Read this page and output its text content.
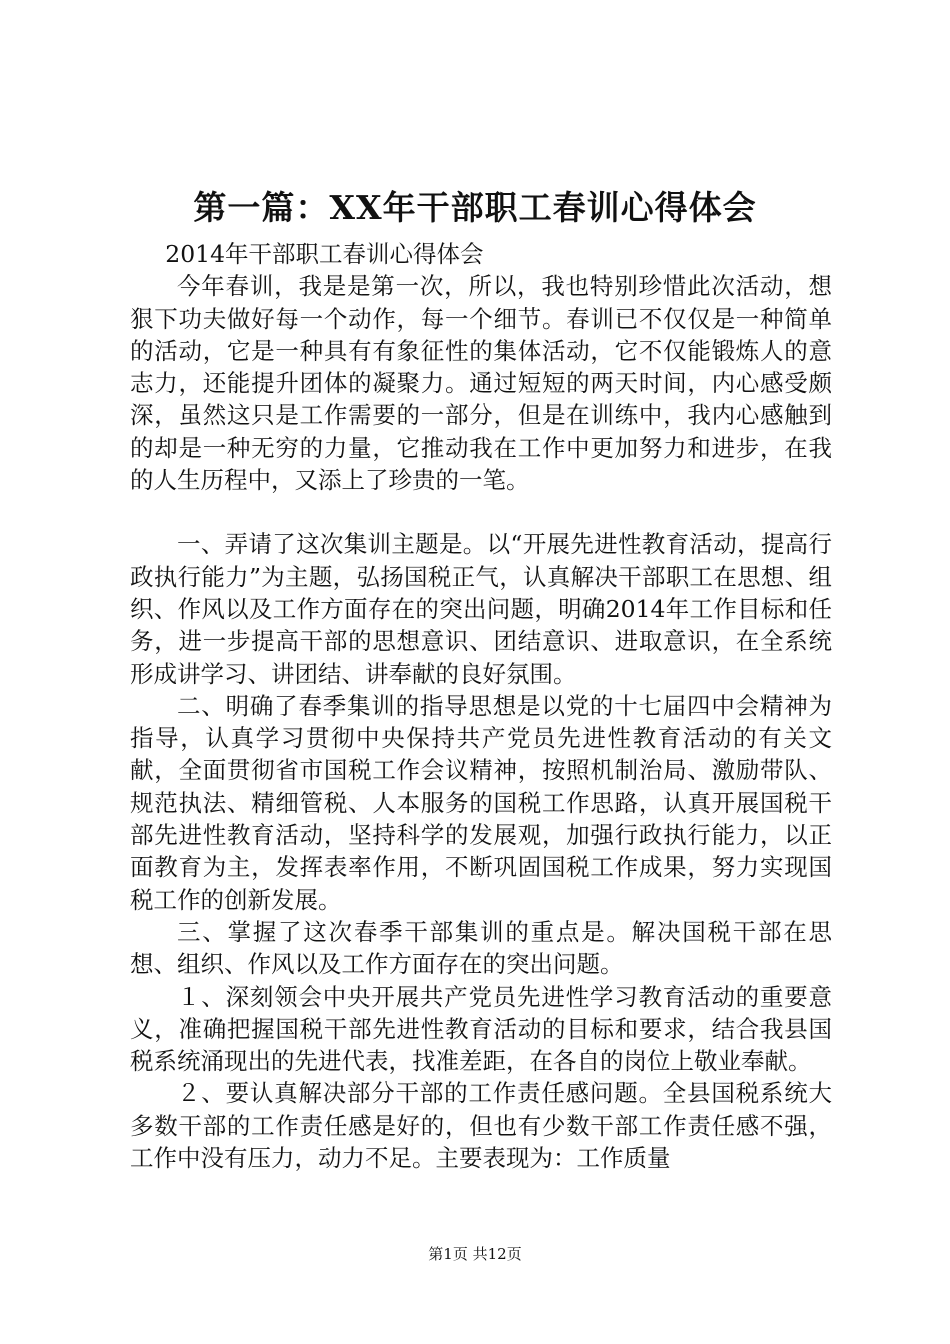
第一篇：XX年干部职工春训心得体会

2014年干部职工春训心得体会

今年春训，我是是第一次，所以，我也特别珍惜此次活动，想狠下功夫做好每一个动作，每一个细节。春训已不仅仅是一种简单的活动，它是一种具有有象征性的集体活动，它不仅能锻炼人的意志力，还能提升团体的凝聚力。通过短短的两天时间，内心感受颇深，虽然这只是工作需要的一部分，但是在训练中，我内心感触到的却是一种无穷的力量，它推动我在工作中更加努力和进步，在我的人生历程中，又添上了珍贵的一笔。

一、弄请了这次集训主题是。以“开展先进性教育活动，提高行政执行能力”为主题，弘扬国税正气，认真解决干部职工在思想、组织、作风以及工作方面存在的突出问题，明确2014年工作目标和任务，进一步提高干部的思想意识、团结意识、进取意识，在全系统形成讲学习、讲团结、讲奉献的良好氛围。

二、明确了春季集训的指导思想是以党的十七届四中会精神为指导，认真学习贯彻中央保持共产党员先进性教育活动的有关文献，全面贯彻省市国税工作会议精神，按照机制治局、激励带队、规范执法、精细管税、人本服务的国税工作思路，认真开展国税干部先进性教育活动，坚持科学的发展观，加强行政执行能力，以正面教育为主，发挥表率作用，不断巩固国税工作成果，努力实现国税工作的创新发展。

三、掌握了这次春季干部集训的重点是。解决国税干部在思想、组织、作风以及工作方面存在的突出问题。

１、深刻领会中央开展共产党员先进性学习教育活动的重要意义，准确把握国税干部先进性教育活动的目标和要求，结合我县国税系统涌现出的先进代表，找准差距，在各自的岗位上敬业奉献。

２、要认真解决部分干部的工作责任感问题。全县国税系统大多数干部的工作责任感是好的，但也有少数干部工作责任感不强，工作中没有压力，动力不足。主要表现为：工作质量

第1页 共12页
